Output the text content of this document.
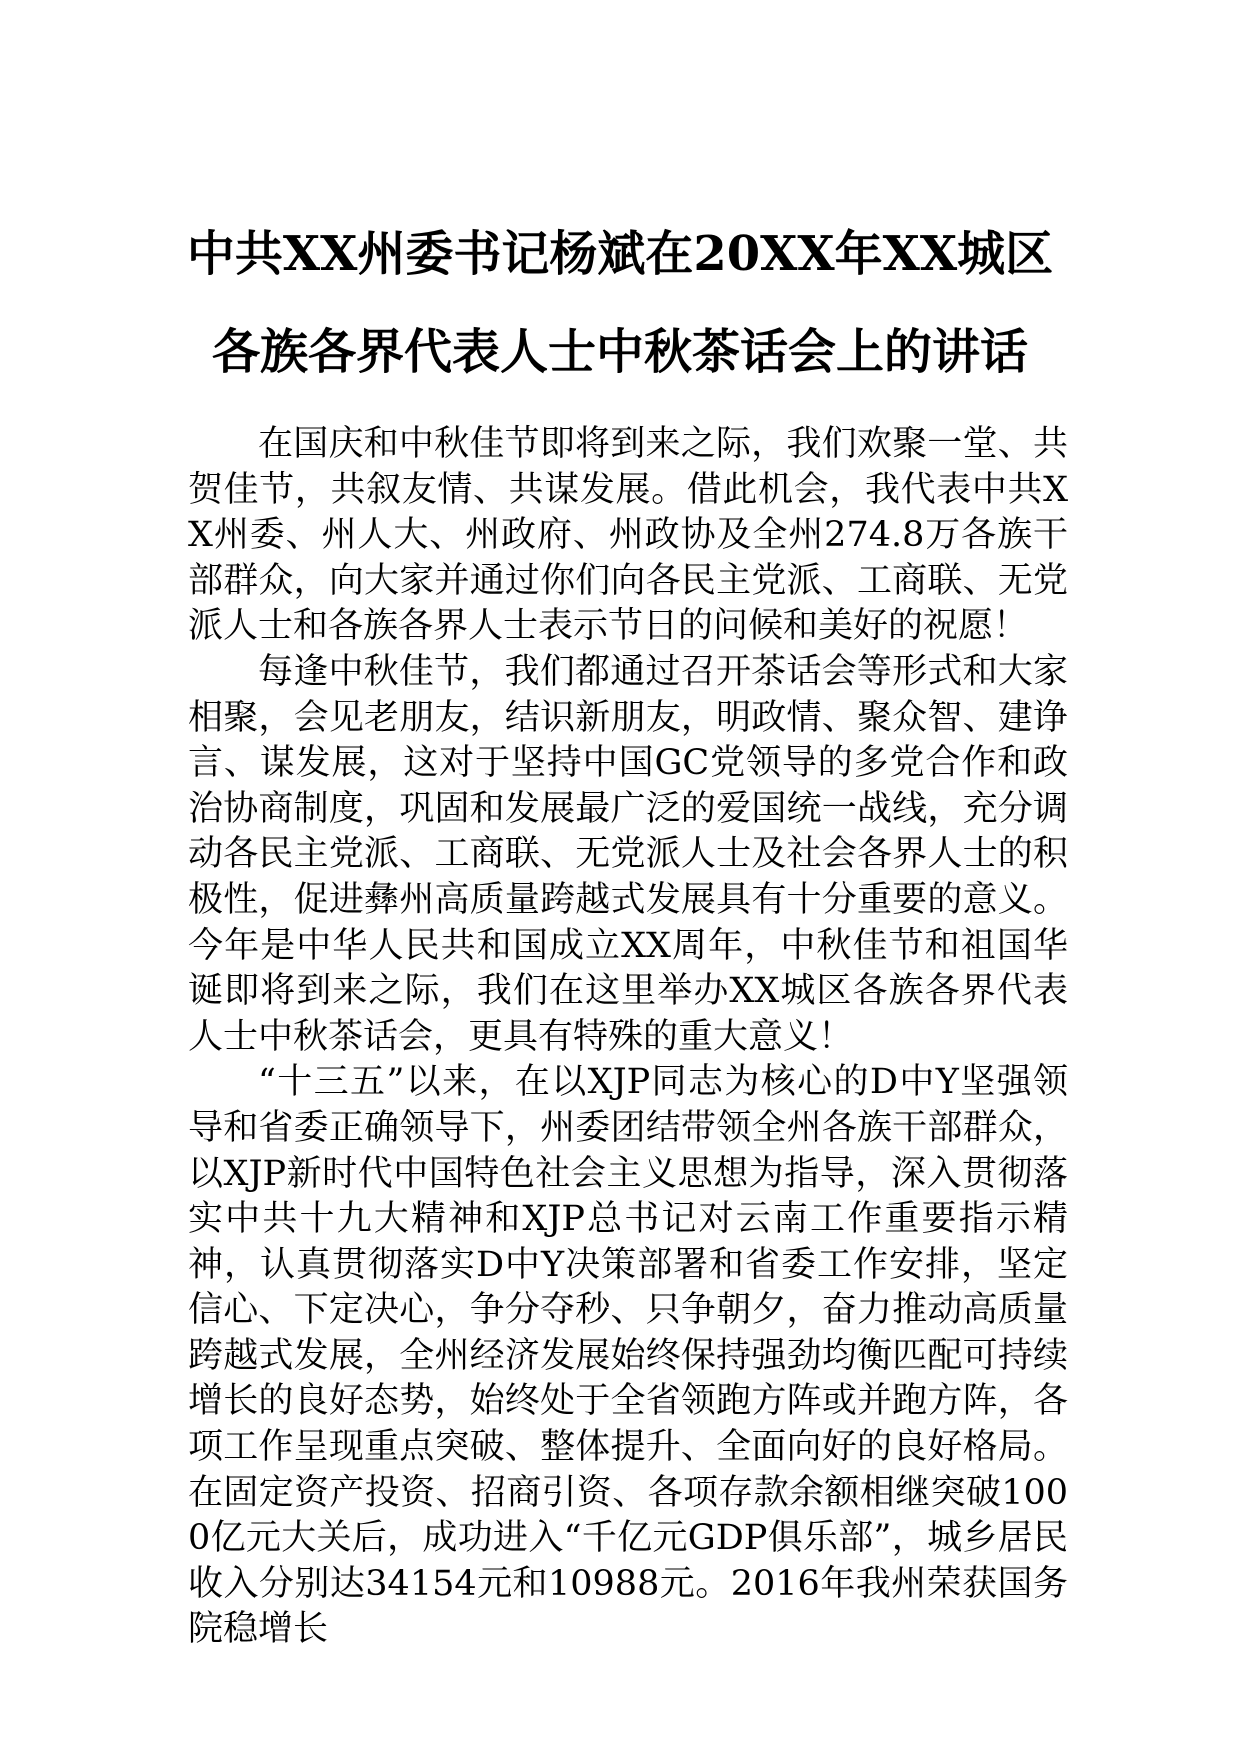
中共XX州委书记杨斌在20XX年XX城区
各族各界代表人士中秋茶话会上的讲话

在国庆和中秋佳节即将到来之际，我们欢聚一堂、共贺佳节，共叙友情、共谋发展。借此机会，我代表中共XX州委、州人大、州政府、州政协及全州274.8万各族干部群众，向大家并通过你们向各民主党派、工商联、无党派人士和各族各界人士表示节日的问候和美好的祝愿！

每逢中秋佳节，我们都通过召开茶话会等形式和大家相聚，会见老朋友，结识新朋友，明政情、聚众智、建诤言、谋发展，这对于坚持中国GC党领导的多党合作和政治协商制度，巩固和发展最广泛的爱国统一战线，充分调动各民主党派、工商联、无党派人士及社会各界人士的积极性，促进彝州高质量跨越式发展具有十分重要的意义。今年是中华人民共和国成立XX周年，中秋佳节和祖国华诞即将到来之际，我们在这里举办XX城区各族各界代表人士中秋茶话会，更具有特殊的重大意义！

“十三五”以来，在以XJP同志为核心的D中Y坚强领导和省委正确领导下，州委团结带领全州各族干部群众，以XJP新时代中国特色社会主义思想为指导，深入贯彻落实中共十九大精神和XJP总书记对云南工作重要指示精神，认真贯彻落实D中Y决策部署和省委工作安排，坚定信心、下定决心，争分夺秒、只争朝夕，奋力推动高质量跨越式发展，全州经济发展始终保持强劲均衡匹配可持续增长的良好态势，始终处于全省领跑方阵或并跑方阵，各项工作呈现重点突破、整体提升、全面向好的良好格局。在固定资产投资、招商引资、各项存款余额相继突破1000亿元大关后，成功进入“千亿元GDP俱乐部”，城乡居民收入分别达34154元和10988元。2016年我州荣获国务院稳增长
